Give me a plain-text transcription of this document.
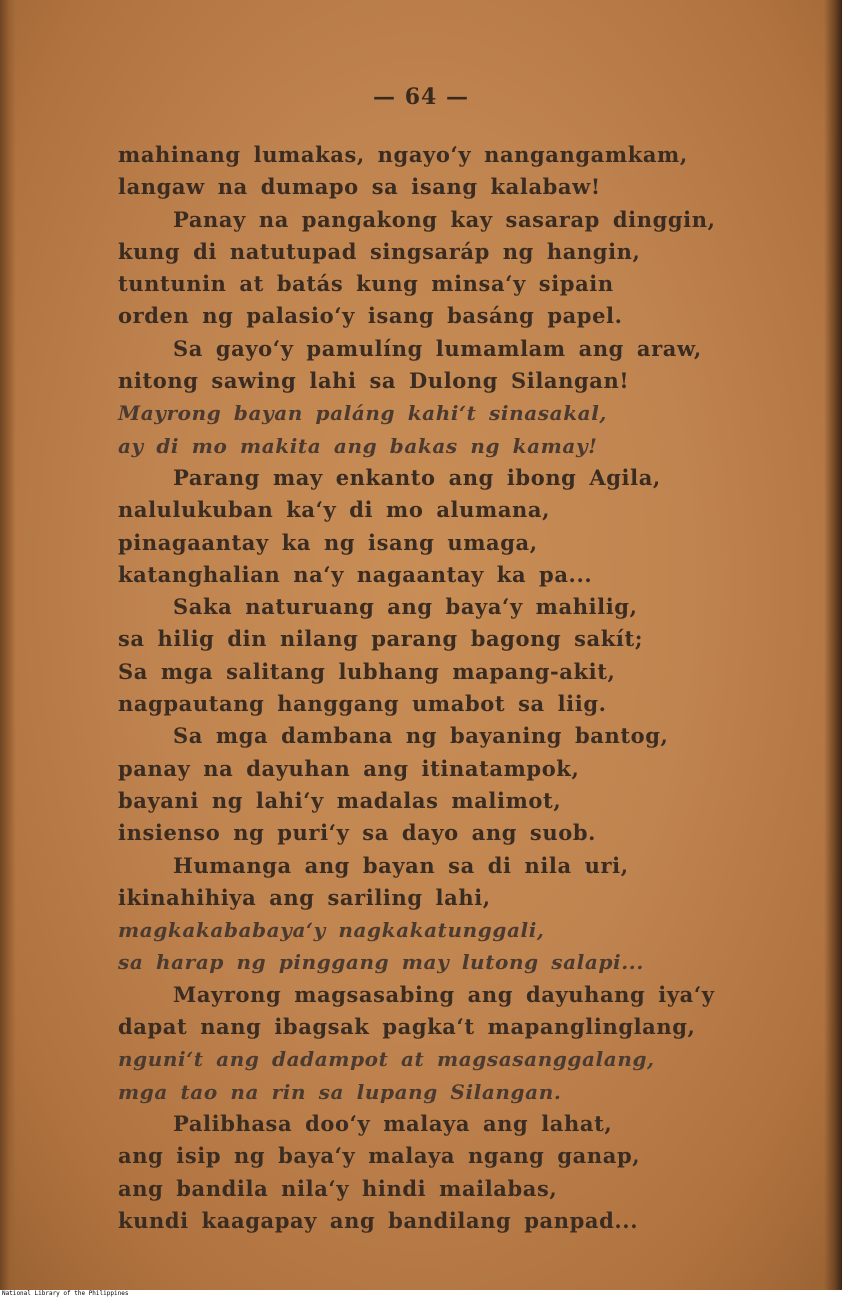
— 64 —
mahinang lumakas, ngayo‘y nangangamkam,
langaw na dumapo sa isang kalabaw!
Panay na pangakong kay sasarap dinggin,
kung di natutupad singsaráp ng hangin,
tuntunin at batás kung minsa‘y sipain
orden ng palasio‘y isang basáng papel.
Sa gayo‘y pamulíng lumamlam ang araw,
nitong sawing lahi sa Dulong Silangan!
Mayrong bayan paláng kahi‘t sinasakal,
ay di mo makita ang bakas ng kamay!
Parang may enkanto ang ibong Agila,
nalulukuban ka‘y di mo alumana,
pinagaantay ka ng isang umaga,
katanghalian na‘y nagaantay ka pa...
Saka naturuang ang baya‘y mahilig,
sa hilig din nilang parang bagong sakít;
Sa mga salitang lubhang mapang-akit,
nagpautang hanggang umabot sa liig.
Sa mga dambana ng bayaning bantog,
panay na dayuhan ang itinatampok,
bayani ng lahi‘y madalas malimot,
insienso ng puri‘y sa dayo ang suob.
Humanga ang bayan sa di nila uri,
ikinahihiya ang sariling lahi,
magkakababaya‘y nagkakatunggali,
sa harap ng pinggang may lutong salapi...
Mayrong magsasabing ang dayuhang iya‘y
dapat nang ibagsak pagka‘t mapanglinglang,
nguni‘t ang dadampot at magsasanggalang,
mga tao na rin sa lupang Silangan.
Palibhasa doo‘y malaya ang lahat,
ang isip ng baya‘y malaya ngang ganap,
ang bandila nila‘y hindi mailabas,
kundi kaagapay ang bandilang panpad...
National Library of the Philippines
